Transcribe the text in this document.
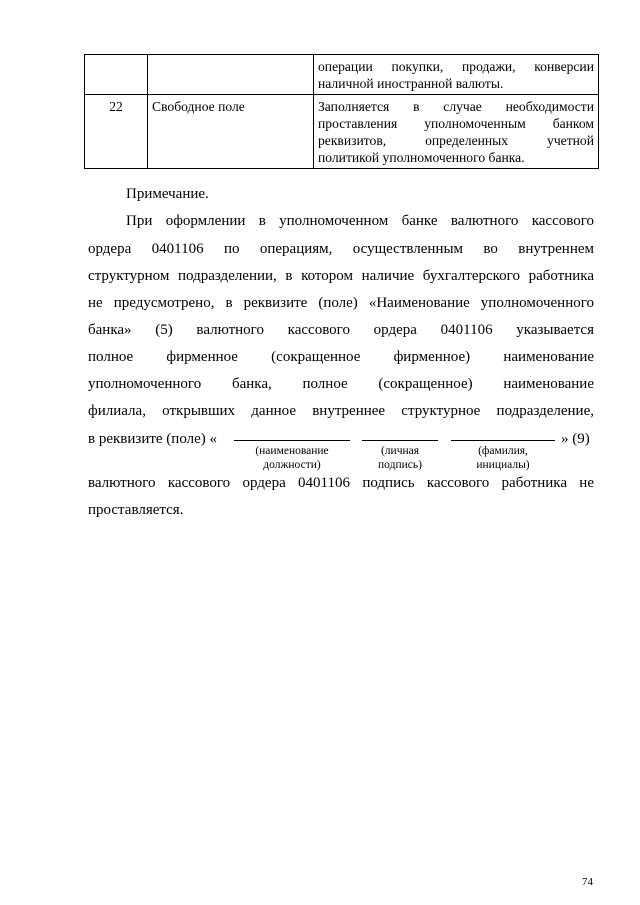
		операции покупки, продажи, конверсии
наличной иностранной валюты.

22	Свободное поле	Заполняется в случае необходимости
проставления уполномоченным банком
реквизитов, определенных учетной
политикой уполномоченного банка.
Примечание.
При оформлении в уполномоченном банке валютного кассового
ордера 0401106 по операциям, осуществленным во внутреннем
структурном подразделении, в котором наличие бухгалтерского работника
не предусмотрено, в реквизите (поле) «Наименование уполномоченного
банка» (5) валютного кассового ордера 0401106 указывается
полное фирменное (сокращенное фирменное) наименование
уполномоченного банка, полное (сокращенное) наименование
филиала, открывших данное внутреннее структурное подразделение,
в реквизите (поле) «	» (9)
(наименование
должности)
(личная
подпись)
(фамилия,
инициалы)
валютного кассового ордера 0401106 подпись кассового работника не
проставляется.
74
